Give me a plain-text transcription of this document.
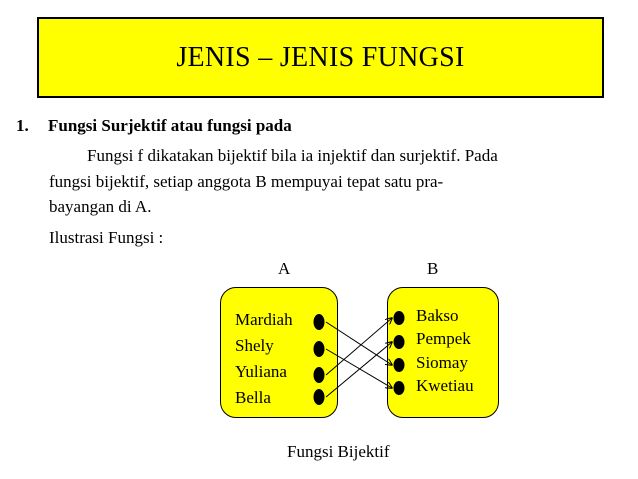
JENIS – JENIS FUNGSI
1. Fungsi Surjektif atau fungsi pada
Fungsi f dikatakan bijektif bila ia injektif dan surjektif. Pada
fungsi bijektif, setiap anggota B mempuyai tepat satu pra-
bayangan di A.
Ilustrasi Fungsi :
A	B
Mardiah
Shely
Yuliana
Bella
Bakso
Pempek
Siomay
Kwetiau
Fungsi Bijektif
